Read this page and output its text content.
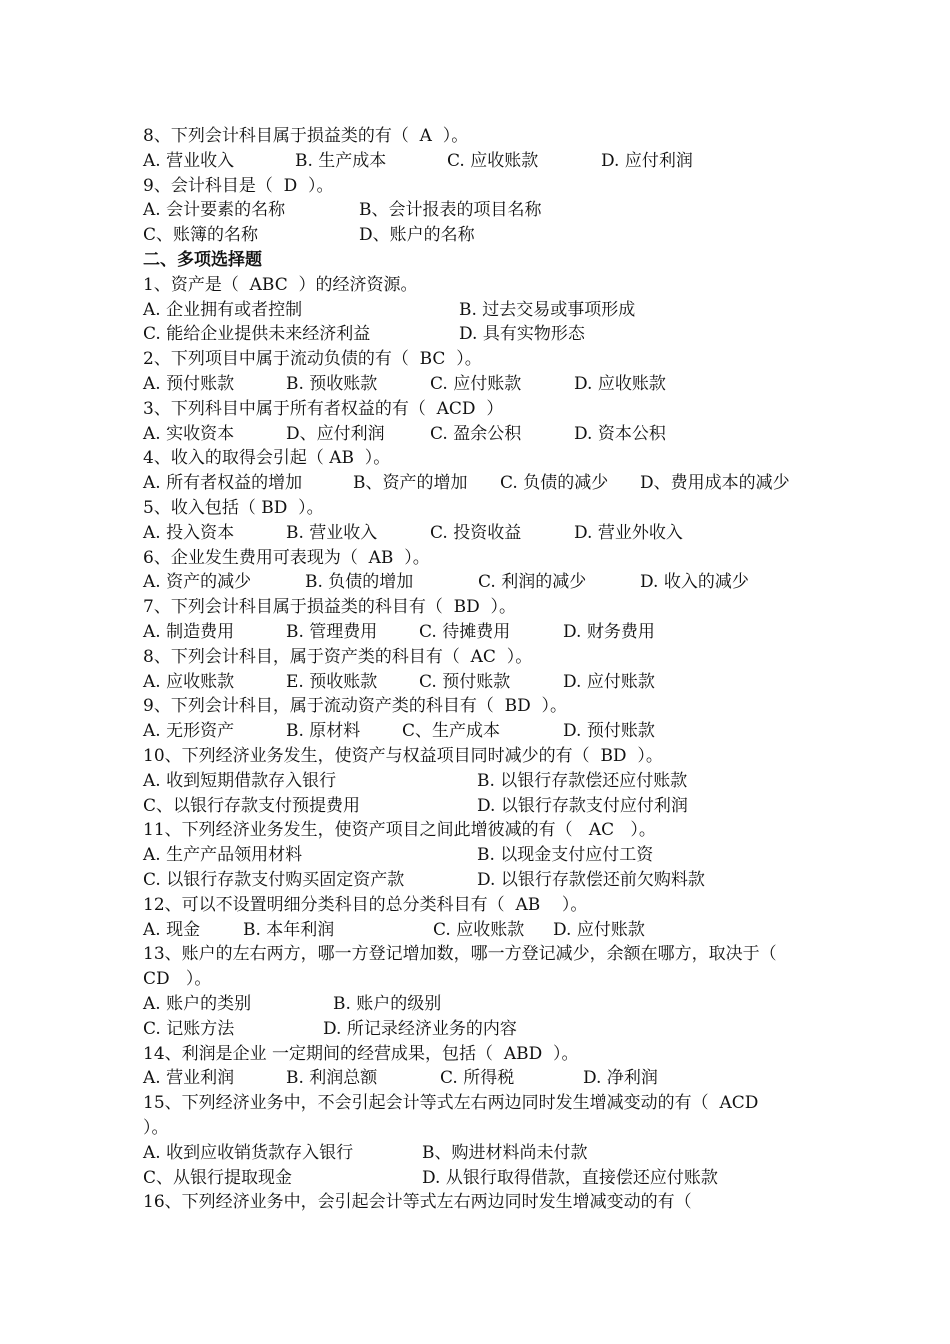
8、下列会计科目属于损益类的有（  A  ）。
A. 营业收入	B. 生产成本	C. 应收账款	D. 应付利润
9、会计科目是（  D  ）。
A. 会计要素的名称	B、会计报表的项目名称
C、账簿的名称	D、账户的名称
二、多项选择题
1、资产是（  ABC  ）的经济资源。
A. 企业拥有或者控制	B. 过去交易或事项形成
C. 能给企业提供未来经济利益	D. 具有实物形态
2、下列项目中属于流动负债的有（  BC  ）。
A. 预付账款	B. 预收账款	C. 应付账款	D. 应收账款
3、下列科目中属于所有者权益的有（  ACD  ）
A. 实收资本	D、应付利润	C. 盈余公积	D. 资本公积
4、收入的取得会引起（ AB  ）。
A. 所有者权益的增加	B、资产的增加 C. 负债的减少 D、费用成本的减少
5、收入包括（ BD  ）。
A. 投入资本	B. 营业收入	C. 投资收益	D. 营业外收入
6、企业发生费用可表现为（  AB  ）。
A. 资产的减少	B. 负债的增加	C. 利润的减少	D. 收入的减少
7、下列会计科目属于损益类的科目有（  BD  ）。
A. 制造费用	B. 管理费用 C. 待摊费用	D. 财务费用
8、下列会计科目，属于资产类的科目有（  AC  ）。
A. 应收账款	E. 预收账款 C. 预付账款	D. 应付账款
9、下列会计科目，属于流动资产类的科目有（  BD  ）。
A. 无形资产	B. 原材料 C、生产成本	D. 预付账款
10、下列经济业务发生，使资产与权益项目同时减少的有（  BD  ）。
A. 收到短期借款存入银行	B. 以银行存款偿还应付账款
C、以银行存款支付预提费用	D. 以银行存款支付应付利润
11、下列经济业务发生，使资产项目之间此增彼减的有（   AC   ）。
A. 生产产品领用材料	B. 以现金支付应付工资
C. 以银行存款支付购买固定资产款	D. 以银行存款偿还前欠购料款
12、可以不设置明细分类科目的总分类科目有（  AB    ）。
A. 现金	B. 本年利润	C. 应收账款 D. 应付账款
13、账户的左右两方，哪一方登记增加数，哪一方登记减少，余额在哪方，取决于（
CD   ）。
A. 账户的类别	B. 账户的级别
C. 记账方法	D. 所记录经济业务的内容
14、利润是企业 一定期间的经营成果，包括（  ABD  ）。
A. 营业利润	B. 利润总额	C. 所得税	D. 净利润
15、下列经济业务中，不会引起会计等式左右两边同时发生增减变动的有（  ACD
）。
A. 收到应收销货款存入银行	B、购进材料尚未付款
C、从银行提取现金	D. 从银行取得借款，直接偿还应付账款
16、下列经济业务中，会引起会计等式左右两边同时发生增减变动的有（
